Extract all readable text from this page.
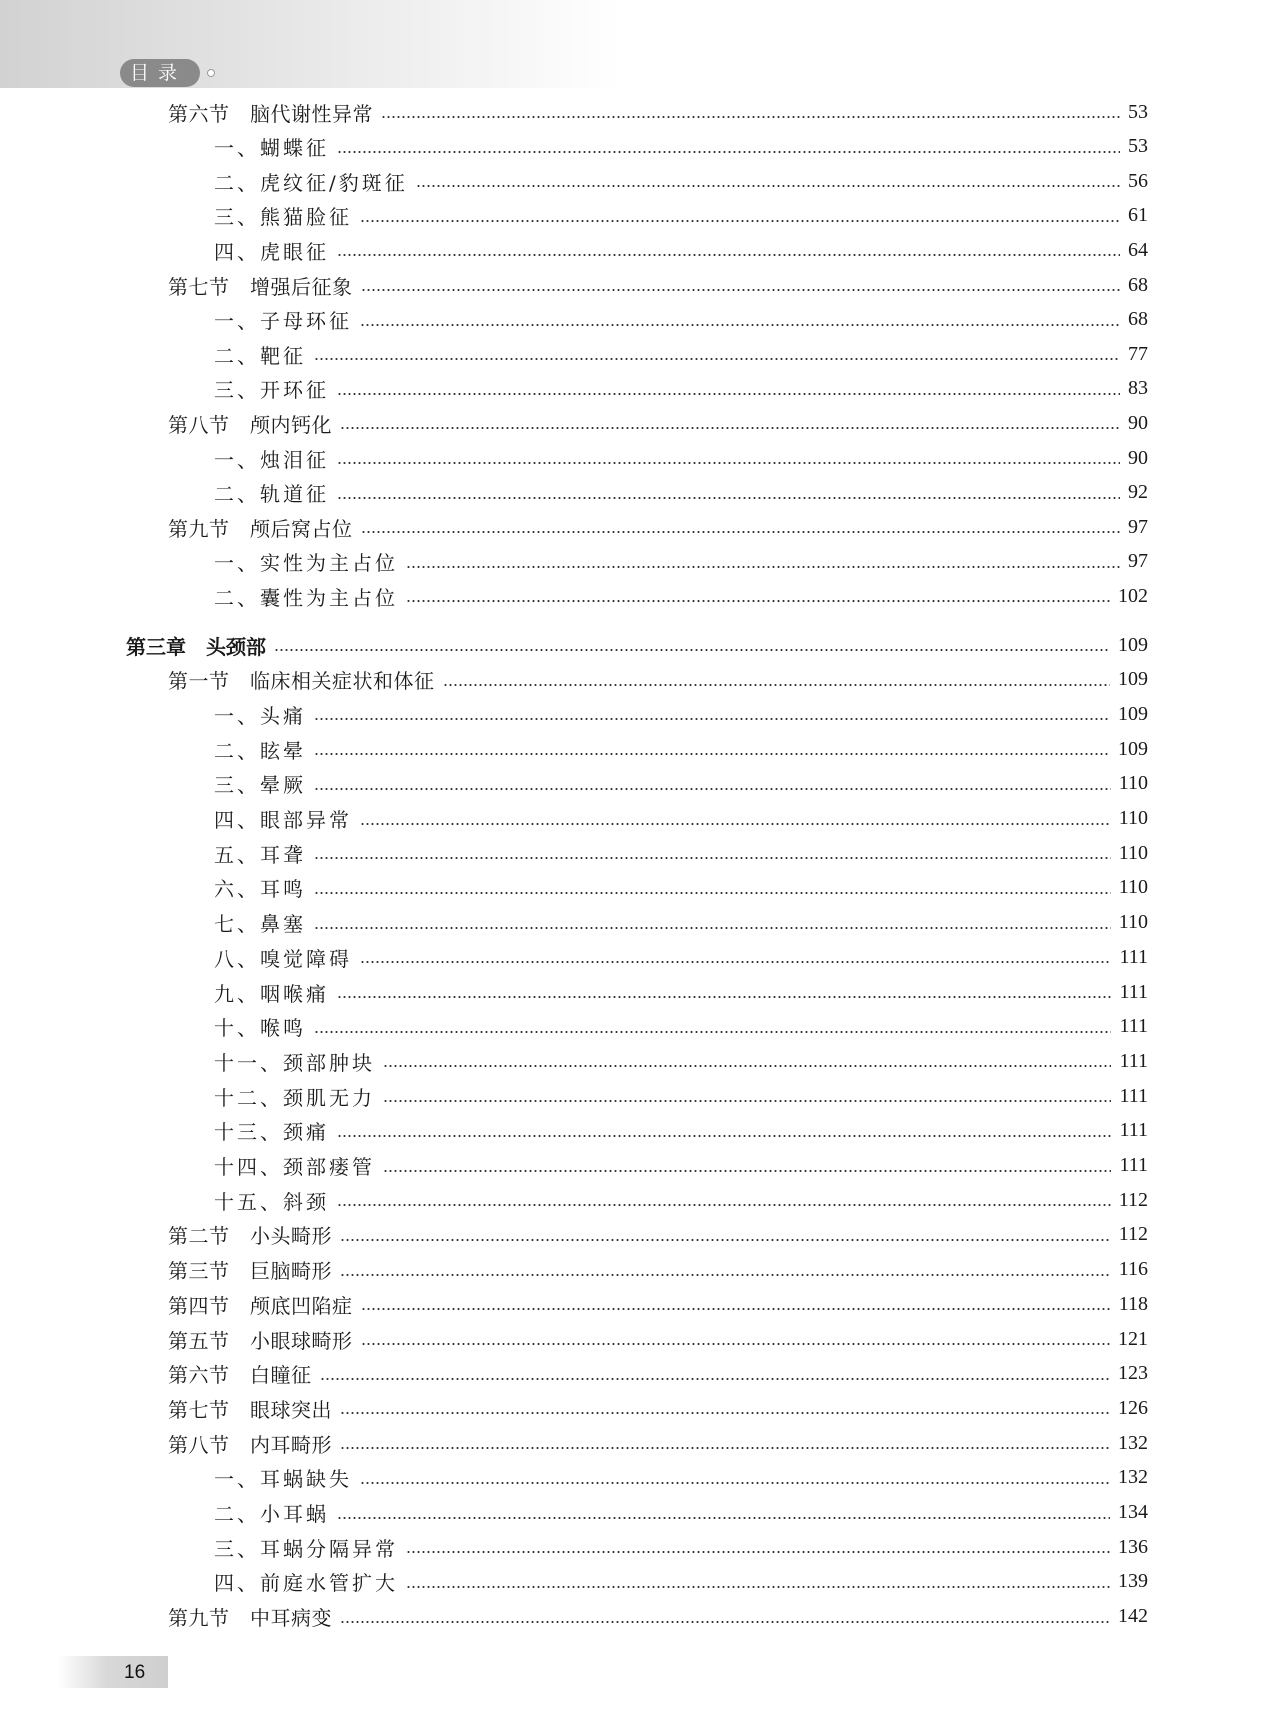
目录
第六节　脑代谢性异常	53
一、蝴蝶征	53
二、虎纹征/豹斑征	56
三、熊猫脸征	61
四、虎眼征	64
第七节　增强后征象	68
一、子母环征	68
二、靶征	77
三、开环征	83
第八节　颅内钙化	90
一、烛泪征	90
二、轨道征	92
第九节　颅后窝占位	97
一、实性为主占位	97
二、囊性为主占位	102
第三章　头颈部	109
第一节　临床相关症状和体征	109
一、头痛	109
二、眩晕	109
三、晕厥	110
四、眼部异常	110
五、耳聋	110
六、耳鸣	110
七、鼻塞	110
八、嗅觉障碍	111
九、咽喉痛	111
十、喉鸣	111
十一、颈部肿块	111
十二、颈肌无力	111
十三、颈痛	111
十四、颈部瘘管	111
十五、斜颈	112
第二节　小头畸形	112
第三节　巨脑畸形	116
第四节　颅底凹陷症	118
第五节　小眼球畸形	121
第六节　白瞳征	123
第七节　眼球突出	126
第八节　内耳畸形	132
一、耳蜗缺失	132
二、小耳蜗	134
三、耳蜗分隔异常	136
四、前庭水管扩大	139
第九节　中耳病变	142
16
